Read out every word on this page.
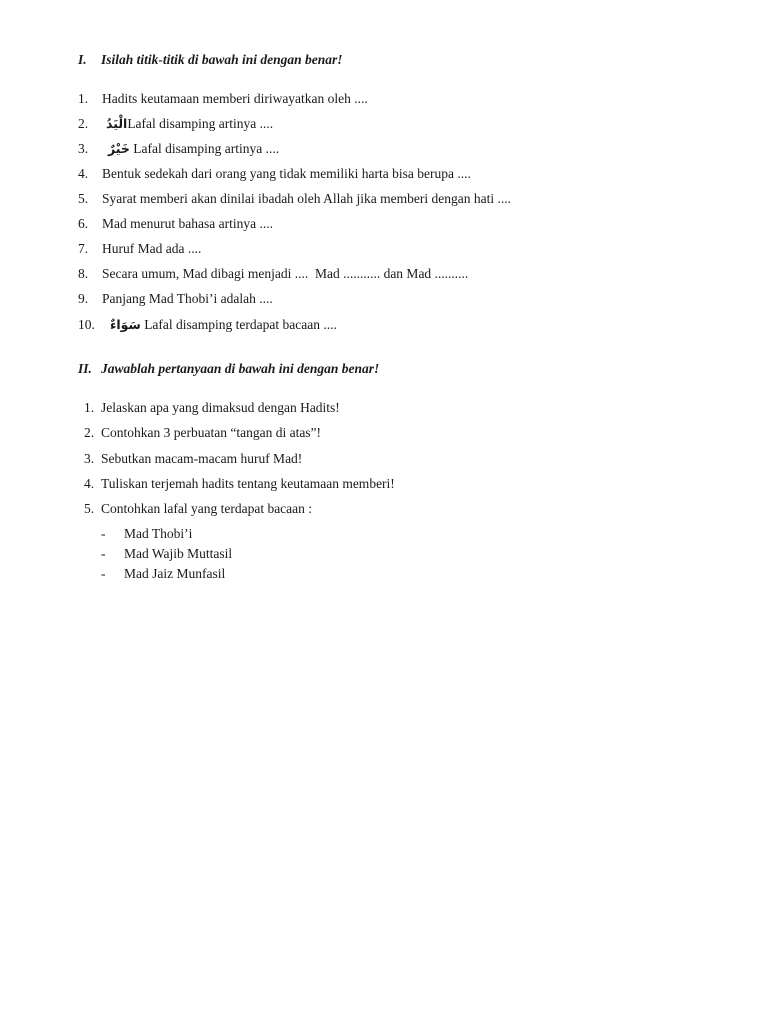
I. Isilah titik-titik di bawah ini dengan benar!
1. Hadits keutamaan memberi diriwayatkan oleh ....
2. الْيَدُLafal disamping artinya ....
3. خَيْرٌ Lafal disamping artinya ....
4. Bentuk sedekah dari orang yang tidak memiliki harta bisa berupa ....
5. Syarat memberi akan dinilai ibadah oleh Allah jika memberi dengan hati ....
6. Mad menurut bahasa artinya ....
7. Huruf Mad ada ....
8. Secara umum, Mad dibagi menjadi ....  Mad ........... dan Mad ..........
9. Panjang Mad Thobi’i adalah ....
10. سَوَاءٌ Lafal disamping terdapat bacaan ....
II. Jawablah pertanyaan di bawah ini dengan benar!
1. Jelaskan apa yang dimaksud dengan Hadits!
2. Contohkan 3 perbuatan “tangan di atas”!
3. Sebutkan macam-macam huruf Mad!
4. Tuliskan terjemah hadits tentang keutamaan memberi!
5. Contohkan lafal yang terdapat bacaan :
- Mad Thobi’i
- Mad Wajib Muttasil
- Mad Jaiz Munfasil
